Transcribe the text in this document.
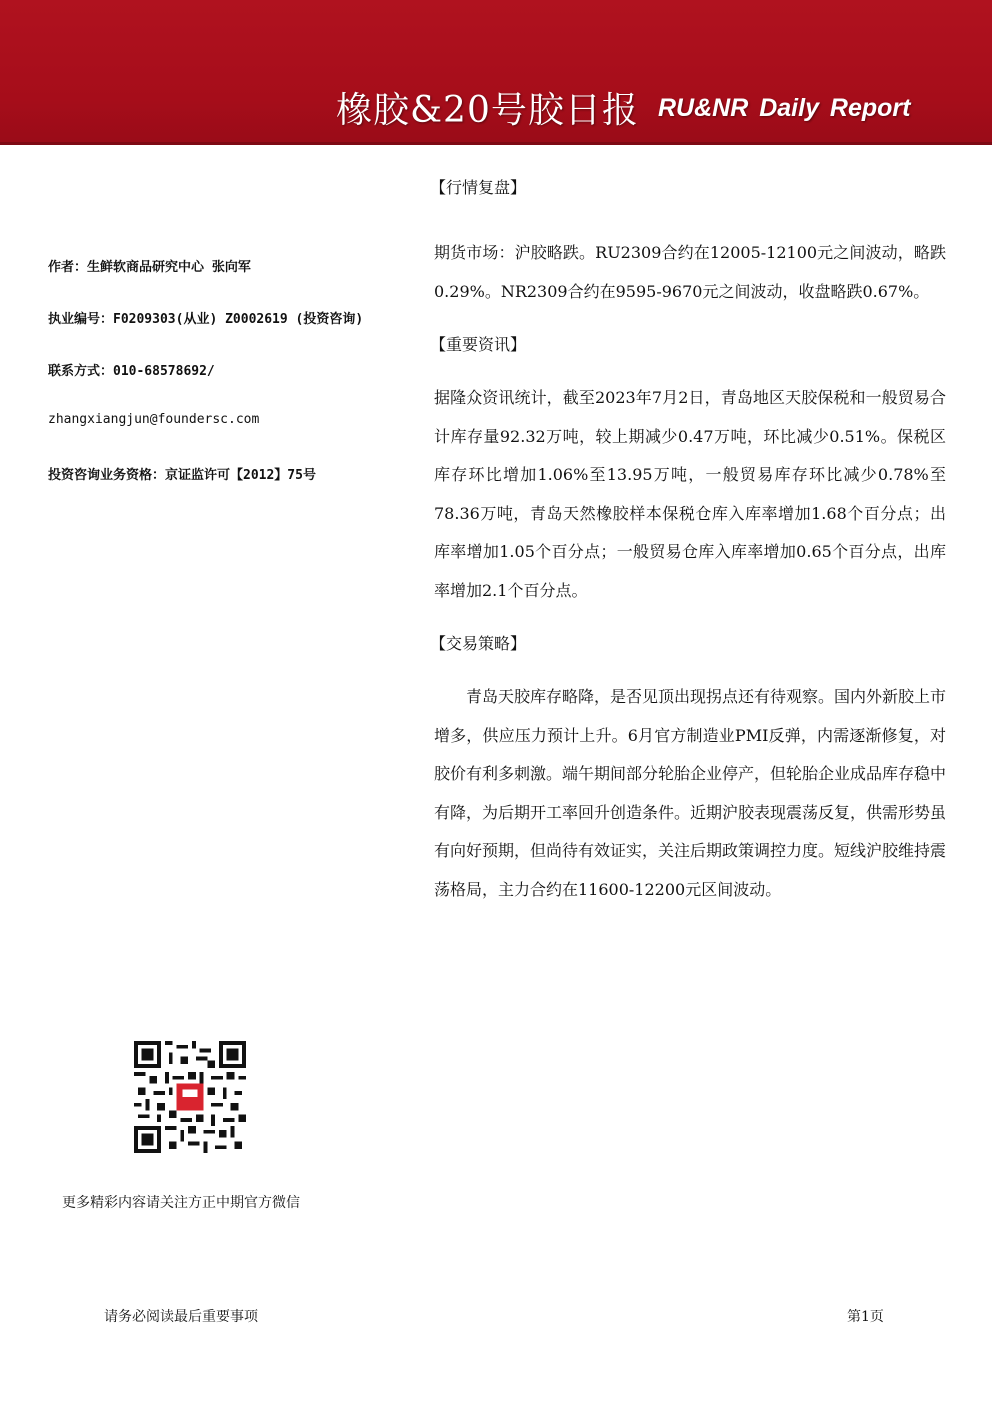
橡胶&20号胶日报 RU&NR Daily Report
作者：生鲜软商品研究中心 张向军
执业编号：F0209303(从业) Z0002619 (投资咨询)
联系方式：010-68578692/
zhangxiangjun@foundersc.com
投资咨询业务资格：京证监许可【2012】75号
更多精彩内容请关注方正中期官方微信
【行情复盘】
期货市场：沪胶略跌。RU2309合约在12005-12100元之间波动，略跌0.29%。NR2309合约在9595-9670元之间波动，收盘略跌0.67%。
【重要资讯】
据隆众资讯统计，截至2023年7月2日，青岛地区天胶保税和一般贸易合计库存量92.32万吨，较上期减少0.47万吨，环比减少0.51%。保税区库存环比增加1.06%至13.95万吨，一般贸易库存环比减少0.78%至78.36万吨，青岛天然橡胶样本保税仓库入库率增加1.68个百分点；出库率增加1.05个百分点；一般贸易仓库入库率增加0.65个百分点，出库率增加2.1个百分点。
【交易策略】
　　青岛天胶库存略降，是否见顶出现拐点还有待观察。国内外新胶上市增多，供应压力预计上升。6月官方制造业PMI反弹，内需逐渐修复，对胶价有利多刺激。端午期间部分轮胎企业停产，但轮胎企业成品库存稳中有降，为后期开工率回升创造条件。近期沪胶表现震荡反复，供需形势虽有向好预期，但尚待有效证实，关注后期政策调控力度。短线沪胶维持震荡格局，主力合约在11600-12200元区间波动。
请务必阅读最后重要事项	第1页
